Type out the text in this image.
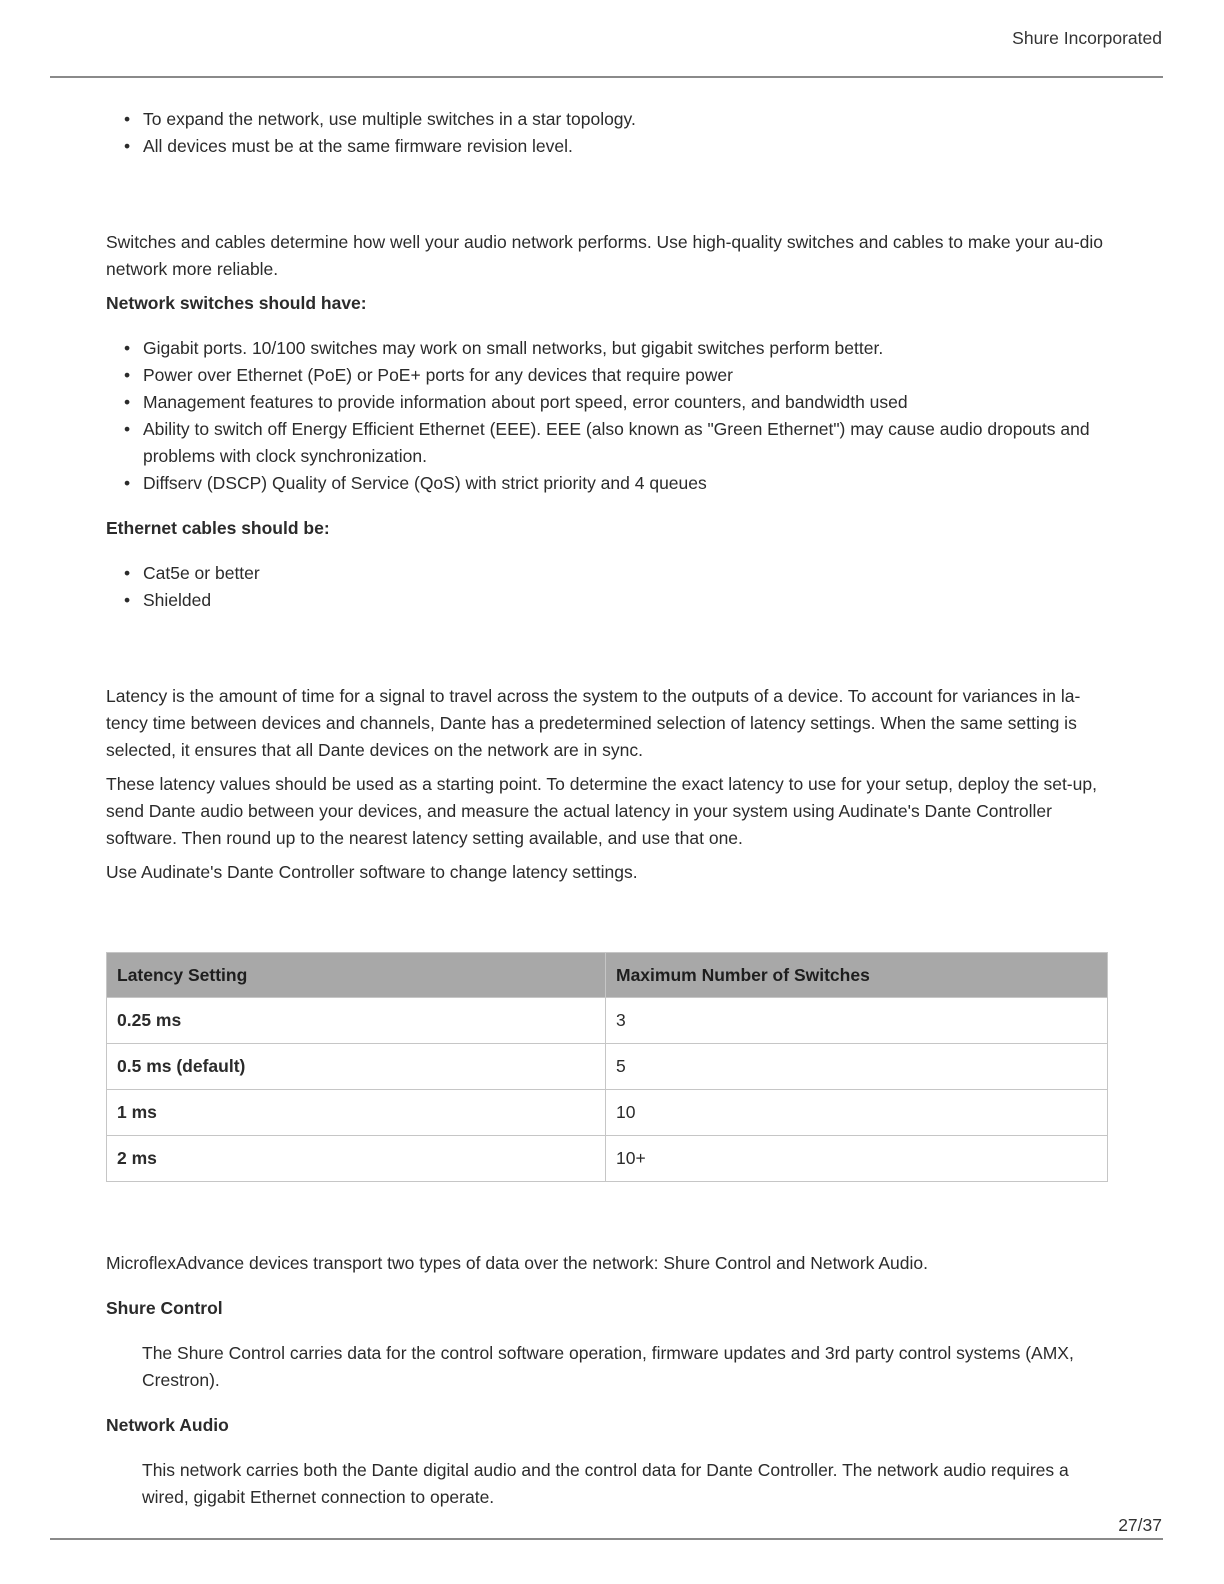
Shure Incorporated
• To expand the network, use multiple switches in a star topology.
• All devices must be at the same firmware revision level.

Switches and cables determine how well your audio network performs. Use high-quality switches and cables to make your au-dio network more reliable.

Network switches should have:

• Gigabit ports. 10/100 switches may work on small networks, but gigabit switches perform better.
• Power over Ethernet (PoE) or PoE+ ports for any devices that require power
• Management features to provide information about port speed, error counters, and bandwidth used
• Ability to switch off Energy Efficient Ethernet (EEE). EEE (also known as "Green Ethernet") may cause audio dropouts and problems with clock synchronization.
• Diffserv (DSCP) Quality of Service (QoS) with strict priority and 4 queues

Ethernet cables should be:

• Cat5e or better
• Shielded

Latency is the amount of time for a signal to travel across the system to the outputs of a device. To account for variances in la-tency time between devices and channels, Dante has a predetermined selection of latency settings. When the same setting is selected, it ensures that all Dante devices on the network are in sync.

These latency values should be used as a starting point. To determine the exact latency to use for your setup, deploy the set-up, send Dante audio between your devices, and measure the actual latency in your system using Audinate's Dante Controller software. Then round up to the nearest latency setting available, and use that one.

Use Audinate's Dante Controller software to change latency settings.

Latency Setting	Maximum Number of Switches
0.25 ms	3
0.5 ms (default)	5
1 ms	10
2 ms	10+

MicroflexAdvance devices transport two types of data over the network: Shure Control and Network Audio.

Shure Control

The Shure Control carries data for the control software operation, firmware updates and 3rd party control systems (AMX, Crestron).

Network Audio

This network carries both the Dante digital audio and the control data for Dante Controller. The network audio requires a wired, gigabit Ethernet connection to operate.

27/37
